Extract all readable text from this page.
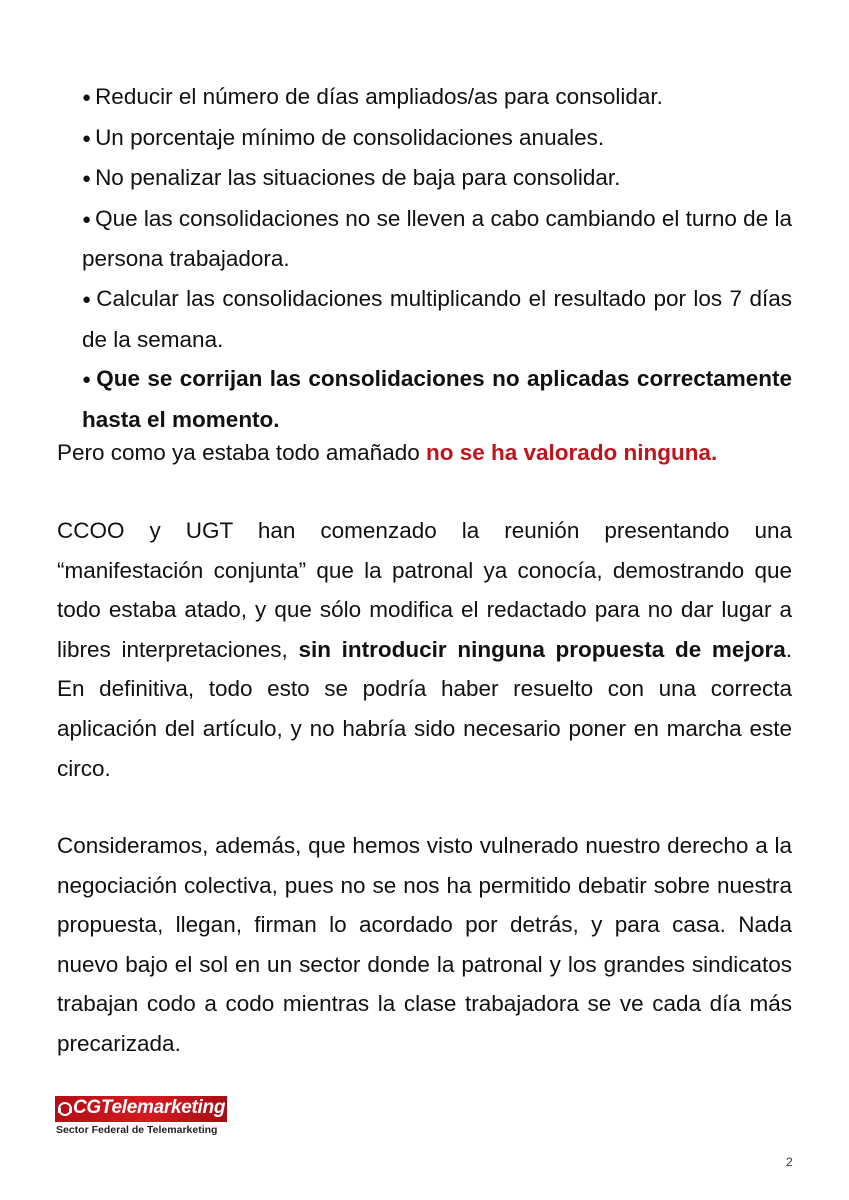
● Reducir el número de días ampliados/as para consolidar.
● Un porcentaje mínimo de consolidaciones anuales.
● No penalizar las situaciones de baja para consolidar.
● Que las consolidaciones no se lleven a cabo cambiando el turno de la persona trabajadora.
● Calcular las consolidaciones multiplicando el resultado por los 7 días de la semana.
● Que se corrijan las consolidaciones no aplicadas correctamente hasta el momento.

Pero como ya estaba todo amañado no se ha valorado ninguna.

CCOO y UGT han comenzado la reunión presentando una “manifestación conjunta” que la patronal ya conocía, demostrando que todo estaba atado, y que sólo modifica el redactado para no dar lugar a libres interpretaciones, sin introducir ninguna propuesta de mejora. En definitiva, todo esto se podría haber resuelto con una correcta aplicación del artículo, y no habría sido necesario poner en marcha este circo.

Consideramos, además, que hemos visto vulnerado nuestro derecho a la negociación colectiva, pues no se nos ha permitido debatir sobre nuestra propuesta, llegan, firman lo acordado por detrás, y para casa. Nada nuevo bajo el sol en un sector donde la patronal y los grandes sindicatos trabajan codo a codo mientras la clase trabajadora se ve cada día más precarizada.

CGTelemarketing
Sector Federal de Telemarketing
2
